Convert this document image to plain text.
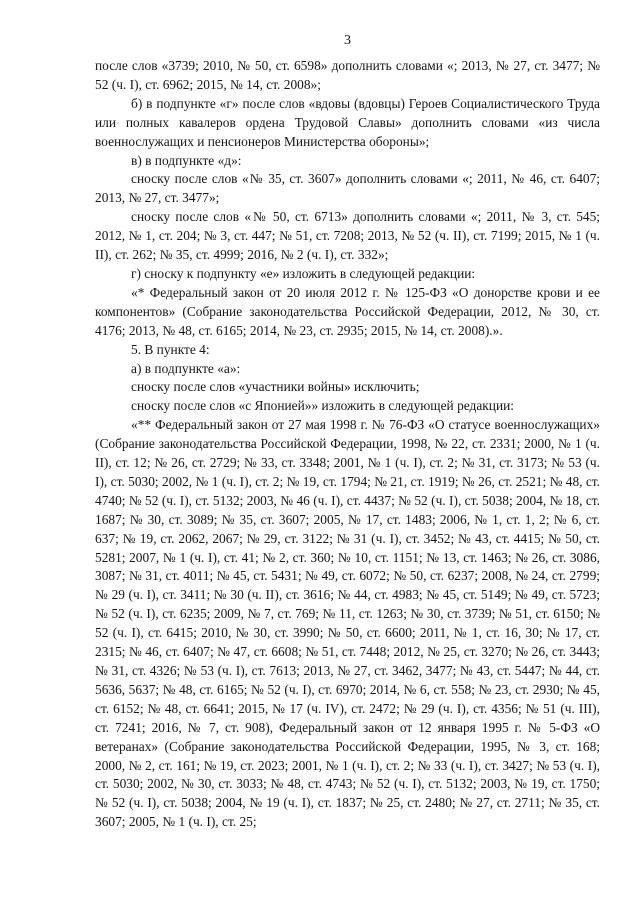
3

после слов «3739; 2010, № 50, ст. 6598» дополнить словами «; 2013, № 27, ст. 3477; № 52 (ч. I), ст. 6962; 2015, № 14, ст. 2008»;

б) в подпункте «г» после слов «вдовы (вдовцы) Героев Социалистического Труда или полных кавалеров ордена Трудовой Славы» дополнить словами «из числа военнослужащих и пенсионеров Министерства обороны»;

в) в подпункте «д»:

сноску после слов «№ 35, ст. 3607» дополнить словами «; 2011, № 46, ст. 6407; 2013, № 27, ст. 3477»;

сноску после слов «№ 50, ст. 6713» дополнить словами «; 2011, № 3, ст. 545; 2012, № 1, ст. 204; № 3, ст. 447; № 51, ст. 7208; 2013, № 52 (ч. II), ст. 7199; 2015, № 1 (ч. II), ст. 262; № 35, ст. 4999; 2016, № 2 (ч. I), ст. 332»;

г) сноску к подпункту «е» изложить в следующей редакции:

«* Федеральный закон от 20 июля 2012 г. № 125-ФЗ «О донорстве крови и ее компонентов» (Собрание законодательства Российской Федерации, 2012, № 30, ст. 4176; 2013, № 48, ст. 6165; 2014, № 23, ст. 2935; 2015, № 14, ст. 2008).».

5. В пункте 4:

а) в подпункте «а»:

сноску после слов «участники войны» исключить;

сноску после слов «с Японией»» изложить в следующей редакции:

«** Федеральный закон от 27 мая 1998 г. № 76-ФЗ «О статусе военнослужащих» (Собрание законодательства Российской Федерации, 1998, № 22, ст. 2331; 2000, № 1 (ч. II), ст. 12; № 26, ст. 2729; № 33, ст. 3348; 2001, № 1 (ч. I), ст. 2; № 31, ст. 3173; № 53 (ч. I), ст. 5030; 2002, № 1 (ч. I), ст. 2; № 19, ст. 1794; № 21, ст. 1919; № 26, ст. 2521; № 48, ст. 4740; № 52 (ч. I), ст. 5132; 2003, № 46 (ч. I), ст. 4437; № 52 (ч. I), ст. 5038; 2004, № 18, ст. 1687; № 30, ст. 3089; № 35, ст. 3607; 2005, № 17, ст. 1483; 2006, № 1, ст. 1, 2; № 6, ст. 637; № 19, ст. 2062, 2067; № 29, ст. 3122; № 31 (ч. I), ст. 3452; № 43, ст. 4415; № 50, ст. 5281; 2007, № 1 (ч. I), ст. 41; № 2, ст. 360; № 10, ст. 1151; № 13, ст. 1463; № 26, ст. 3086, 3087; № 31, ст. 4011; № 45, ст. 5431; № 49, ст. 6072; № 50, ст. 6237; 2008, № 24, ст. 2799; № 29 (ч. I), ст. 3411; № 30 (ч. II), ст. 3616; № 44, ст. 4983; № 45, ст. 5149; № 49, ст. 5723; № 52 (ч. I), ст. 6235; 2009, № 7, ст. 769; № 11, ст. 1263; № 30, ст. 3739; № 51, ст. 6150; № 52 (ч. I), ст. 6415; 2010, № 30, ст. 3990; № 50, ст. 6600; 2011, № 1, ст. 16, 30; № 17, ст. 2315; № 46, ст. 6407; № 47, ст. 6608; № 51, ст. 7448; 2012, № 25, ст. 3270; № 26, ст. 3443; № 31, ст. 4326; № 53 (ч. I), ст. 7613; 2013, № 27, ст. 3462, 3477; № 43, ст. 5447; № 44, ст. 5636, 5637; № 48, ст. 6165; № 52 (ч. I), ст. 6970; 2014, № 6, ст. 558; № 23, ст. 2930; № 45, ст. 6152; № 48, ст. 6641; 2015, № 17 (ч. IV), ст. 2472; № 29 (ч. I), ст. 4356; № 51 (ч. III), ст. 7241; 2016, № 7, ст. 908), Федеральный закон от 12 января 1995 г. № 5-ФЗ «О ветеранах» (Собрание законодательства Российской Федерации, 1995, № 3, ст. 168; 2000, № 2, ст. 161; № 19, ст. 2023; 2001, № 1 (ч. I), ст. 2; № 33 (ч. I), ст. 3427; № 53 (ч. I), ст. 5030; 2002, № 30, ст. 3033; № 48, ст. 4743; № 52 (ч. I), ст. 5132; 2003, № 19, ст. 1750; № 52 (ч. I), ст. 5038; 2004, № 19 (ч. I), ст. 1837; № 25, ст. 2480; № 27, ст. 2711; № 35, ст. 3607; 2005, № 1 (ч. I), ст. 25;
